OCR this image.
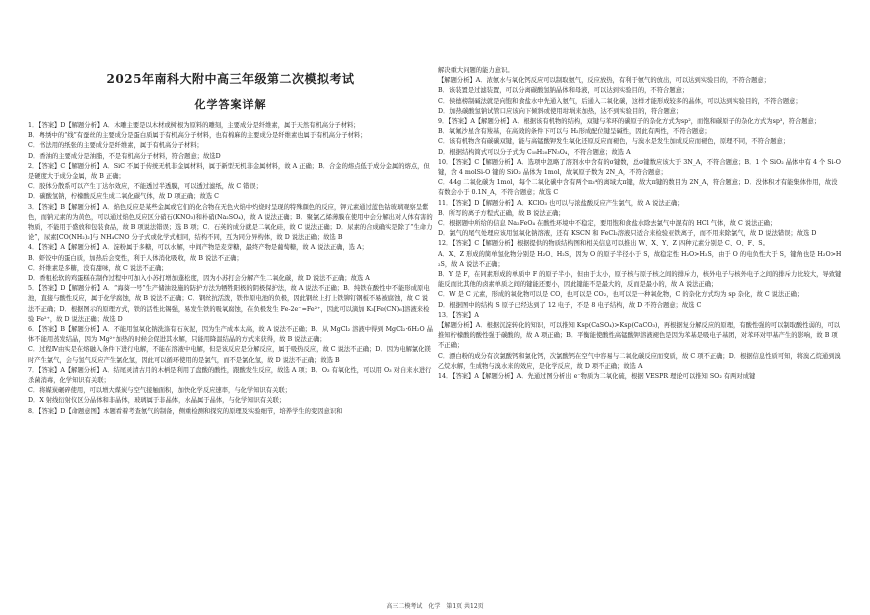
2025年南科大附中高三年级第二次模拟考试
化学答案详解

1．【答案】D【解题分析】A．木雕主要是以木材或树根为原料的雕刻，主要成分是纤维素，属于天然有机高分子材料；

B．粤绣中的“线”有蚕丝的主要成分是蛋白质属于有机高分子材料，也有棉麻的主要成分是纤维素也属于有机高分子材料；

C．书法用的纸张的主要成分是纤维素，属于有机高分子材料；

D．香油的主要成分是油脂，不是有机高分子材料，符合题意；故选D

2．【答案】C【解题分析】A．SiC 不属于传统无机非金属材料，属于新型无机非金属材料，故 A 正确；B．合金的熔点低于成分金属的熔点，但是硬度大于成分金属，故 B 正确；

C．胶体分散系可以产生丁达尔效应，不能透过半透膜，可以透过滤纸，故 C 错误；

D．碳酸氢钠，柠檬酸反应生成二氧化碳气体，故 D 项正确；故选 C

3．【答案】B【解题分析】A．焰色反应是某些金属或它们的化合物在无色火焰中灼烧时呈现的特殊颜色的反应，钾元素通过蓝色钴玻璃观察呈紫色，而钠元素的为黄色，可以通过焰色反应区分硝石(KNO₃)和朴硝(Na₂SO₄)，故 A 说法正确；B．聚氯乙烯薄膜在使用中会分解出对人体有害的物质，不能用于盛放和包装食品，故 B 项说法错误；选 B 项；C．石英的成分就是二氧化硅，故 C 说法正确；D．尿素的合成确实是除了“生命力论”，尿素[CO(NH₂)₂]与 NH₄CNO 分子式或化学式相同，结构不同，互为同分异构体，故 D 说法正确；故选 B

4．【答案】A【解题分析】A．淀粉属于多糖，可以水解，中间产物是麦芽糖，最终产物是葡萄糖，故 A 说法正确，选 A；

B．虾饺中的蛋白质，加热后会变性，利于人体消化吸收，故 B 说法不正确；

C．纤维素是多糖，没有甜味，故 C 说法不正确；

D．香租松软的鸡蛋糕在制作过程中可加入小苏打增加蓬松度，因为小苏打会分解产生二氧化碳，故 D 说法不正确；故选 A

5．【答案】D【解题分析】A．“海葵一号”生产储油设施的防护方法为牺牲阳极的阴极保护法，故 A 说法不正确；B．纯铁在酸性中不能形成原电池，直接与酸性反应，属于化学腐蚀，故 B 说法不正确；C．钢丝抗活泼，铁作原电池的负极，因此钢丝上打上铁铆钉钢板不易被腐蚀，故 C 说法不正确；D．根据图示的原理方式，铁的活性比锡强，易发生铁的吸氧腐蚀，在负极发生 Fe-2e⁻=Fe²⁺，因此可以滴加 K₃[Fe(CN)₆]溶液来检验 Fe²⁺，故 D 说法正确；故选 D

6．【答案】B【解题分析】A．不能用氢氧化钠洗涤有石灰泥，因为生产成本太高，故 A 说法不正确；B．从 MgCl₂ 溶液中得到 MgCl₂·6H₂O 晶体不能用蒸发结晶，因为 Mg²⁺加热的时候会促进其水解，只能用降温结晶的方式来获得，故 B 说法正确；

C．过程Ⅳ由实是在熔融入条件下进行电解，不能在溶液中电解，但是该反应是分解反应，属于吸热反应，故 C 说法不正确；D．因为电解氯化镁时产生氯气，会与氢气反应产生氯化氢，因此可以循环使用的是氯气，而不是氯化氢，故 D 说法不正确；故选 B

7．【答案】A【解题分析】A．结尾灵清古月的木柄是利用了盘酸的酸性，跟酸发生反应，故选 A 项；B．O₃ 有氧化性，可以用 O₃ 对自来水进行杀菌消毒，化学知识有关联；

C．将媒炭碾碎使用，可以增大煤炭与空气接触面积，加快化学反应速率，与化学知识有关联；

D．X 射线衍射仪区分晶体和非晶体，玻璃属于非晶体，水晶属于晶体，与化学知识有关联；

8．【答案】D【命题意图】本题看着考查氨气的制备，侧重检测和探究的原理及实验细节，培养学生的变因意识和

解决重大问题的能力意识。

【解题分析】A．浓氨水与氧化钙反应可以制取氨气，反应放热，有利于氨气的放出，可以达到实验目的，不符合题意；

B．该装置是过滤装置，可以分离碳酸氢钠晶体和母液，可以达到实验目的，不符合题意；

C．侯德榜制碱法就是向饱和食盐水中先通入氨气，后通入二氧化碳，这样才能形成较多的晶体，可以达到实验目的，不符合题意；

D．加热碳酸氢钠试管口应该向下倾斜或使用坩埚来加热，达不到实验目的，符合题意；

9．【答案】A【解题分析】A．根据该有机物的结构，双键与苯环的碳原子的杂化方式为sp²，而饱和碳原子的杂化方式为sp³，符合题意；

B．氧氟沙星含有羧基，在高效的条件下可以与 H₂形成配位键呈碱性，因此有两性，不符合题意；

C．该有机物含有碳碳双键，能与高锰酸钾发生氧化还原反应而褪色，与溴水是发生加成反应而褪色，原理不同，不符合题意；

D．根据结构简式可以分子式为 C₁₈H₂₀FN₃O₄，不符合题意；故选 A

10．【答案】C【解题分析】A．选项中忽略了溶剂水中含有的σ键数，总σ键数应该大于 3N_A，不符合题意；B．1 个 SiO₂ 晶体中有 4 个 Si-O 键，含 4 molSi-O 键的 SiO₂ 晶体为 1mol，故氧原子数为 2N_A，不符合题意；

C．44g 二氧化碳为 1mol，每个二氧化碳中含有两个π₃⁴的离域大π键，故大π键的数目为 2N_A，符合题意；D．没体积才有能集体作用，故没有数会小于 0.1N_A，不符合题意；故选 C

11．【答案】D【解题分析】A．KClO₃ 也可以与浓盐酸反应产生氯气，故 A 说法正确；

B．所写的离子方程式正确，故 B 说法正确；

C．根据题中所给的信息 Na₂FeO₄ 在酸性环境中不稳定，要用饱和食盐水除去氯气中混有的 HCl 气体，故 C 说法正确；

D．氯气的尾气处理应该用氢氧化钠溶液，还有 KSCN 和 FeCl₂溶液只适合来检验亚铁离子，而不用来除氯气，故 D 说法错误；故选 D

12．【答案】C【解题分析】根据提供的物质结构图和相关信息可以推出 W、X、Y、Z 四种元素分别是 C、O、F、S。

A．X、Z 形成的简单氢化物分别是 H₂O、H₂S，因为 O 的原子半径小于 S，故稳定性 H₂O>H₂S，由于 O 的电负性大于 S，键角也是 H₂O>H₂S，故 A 说法不正确；

B．Y 是 F，在同素形成的单质中 F 的原子半小，但由于太小，原子核与原子核之间的排斥力，核外电子与核外电子之间的排斥力比较大，导致键能反而比其他的卤素单质之间的键能还要小，因此键能不是最大的，反而是最小的，故 A 说法正确；

C．W 是 C 元素，形成的氧化物可以是 CO，也可以是 CO₂，也可以是一种氧化物，C 的杂化方式均为 sp 杂化，故 C 说法正确；

D．根据图中的结构 S 原子已经达到了 12 电子，不是 8 电子结构，故 D 不符合题意；故选 C

13．【答案】A

【解题分析】A．根据沉淀转化的知识，可以推知 Ksp(CaSO₄)>Ksp(CaCO₃)，再根据复分解反应的原理，有酸性强的可以制取酸性弱的，可以推知柠檬酸的酸性强于碳酸的，故 A 项正确；B．平衡能使酸性高锰酸钾溶液褪色是因为苯基是吸电子基团，对苯环对甲基产生的影响，故 B 项不正确；

C．漂白粉的成分有次氯酸钙和氯化钙，次氯酸钙在空气中容易与二氧化碳反应而变质，故 C 项不正确；D．根据信息性质可知，将溴乙烷通到溴乙烷水解，生成物与溴水来的效应，是化学反应，故 D 项不正确；故选 A

14．【答案】A【解题分析】A．先通过图分析出 e⁻物质为二氧化硫，根据 VESPR 理论可以推知 SO₂ 有两对成键

高三二模考试　化学　第1页 共12页
